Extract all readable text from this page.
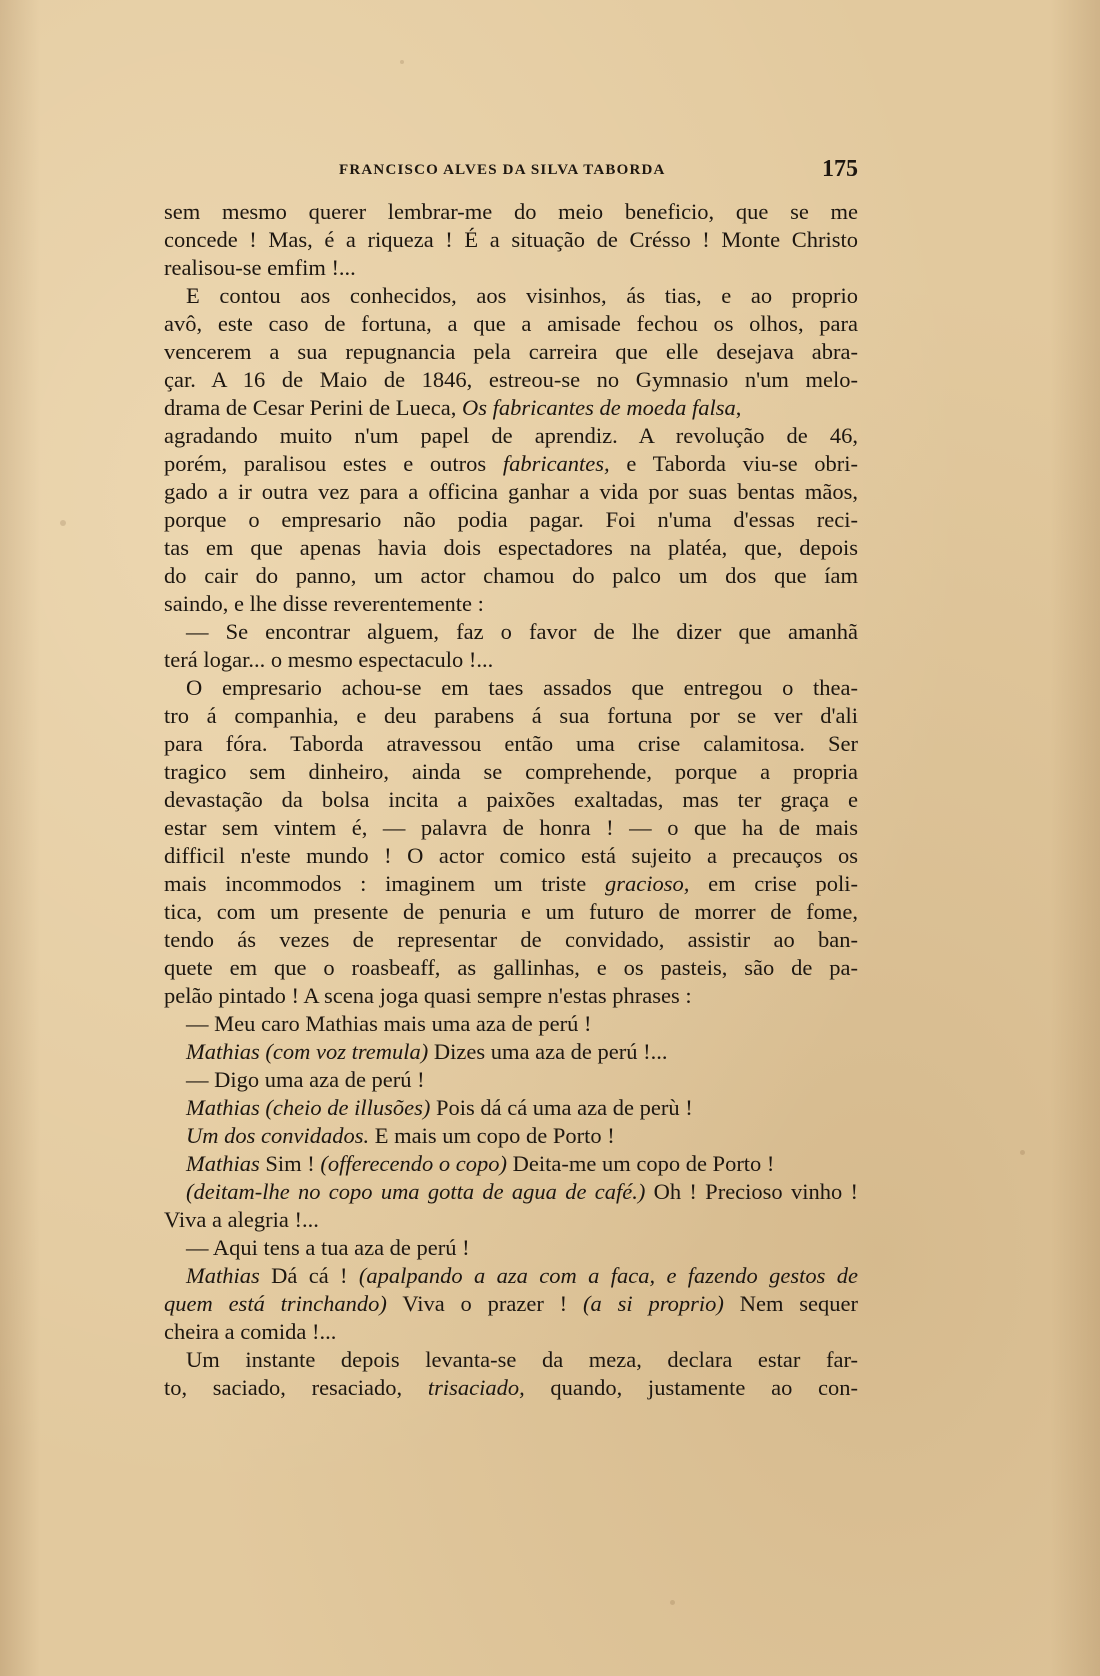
FRANCISCO ALVES DA SILVA TABORDA	175
sem mesmo querer lembrar-me do meio beneficio, que se me
concede ! Mas, é a riqueza ! É a situação de Crésso ! Monte Christo
realisou-se emfim !...
E contou aos conhecidos, aos visinhos, ás tias, e ao proprio
avô, este caso de fortuna, a que a amisade fechou os olhos, para
vencerem a sua repugnancia pela carreira que elle desejava abra-
çar. A 16 de Maio de 1846, estreou-se no Gymnasio n'um melo-
drama de Cesar Perini de Lueca, Os fabricantes de moeda falsa,
agradando muito n'um papel de aprendiz. A revolução de 46,
porém, paralisou estes e outros fabricantes, e Taborda viu-se obri-
gado a ir outra vez para a officina ganhar a vida por suas bentas mãos,
porque o empresario não podia pagar. Foi n'uma d'essas reci-
tas em que apenas havia dois espectadores na platéa, que, depois
do cair do panno, um actor chamou do palco um dos que íam
saindo, e lhe disse reverentemente :
— Se encontrar alguem, faz o favor de lhe dizer que amanhã
terá logar... o mesmo espectaculo !...
O empresario achou-se em taes assados que entregou o thea-
tro á companhia, e deu parabens á sua fortuna por se ver d'ali
para fóra. Taborda atravessou então uma crise calamitosa. Ser
tragico sem dinheiro, ainda se comprehende, porque a propria
devastação da bolsa incita a paixões exaltadas, mas ter graça e
estar sem vintem é, — palavra de honra ! — o que ha de mais
difficil n'este mundo ! O actor comico está sujeito a precauços os
mais incommodos : imaginem um triste gracioso, em crise poli-
tica, com um presente de penuria e um futuro de morrer de fome,
tendo ás vezes de representar de convidado, assistir ao ban-
quete em que o roasbeaff, as gallinhas, e os pasteis, são de pa-
pelão pintado ! A scena joga quasi sempre n'estas phrases :
— Meu caro Mathias mais uma aza de perú !
Mathias (com voz tremula) Dizes uma aza de perú !...
— Digo uma aza de perú !
Mathias (cheio de illusões) Pois dá cá uma aza de perù !
Um dos convidados. E mais um copo de Porto !
Mathias Sim ! (offerecendo o copo) Deita-me um copo de Porto !
(deitam-lhe no copo uma gotta de agua de café.) Oh ! Precioso vinho !
Viva a alegria !...
— Aqui tens a tua aza de perú !
Mathias Dá cá ! (apalpando a aza com a faca, e fazendo gestos de
quem está trinchando) Viva o prazer ! (a si proprio) Nem sequer
cheira a comida !...
Um instante depois levanta-se da meza, declara estar far-
to, saciado, resaciado, trisaciado, quando, justamente ao con-
